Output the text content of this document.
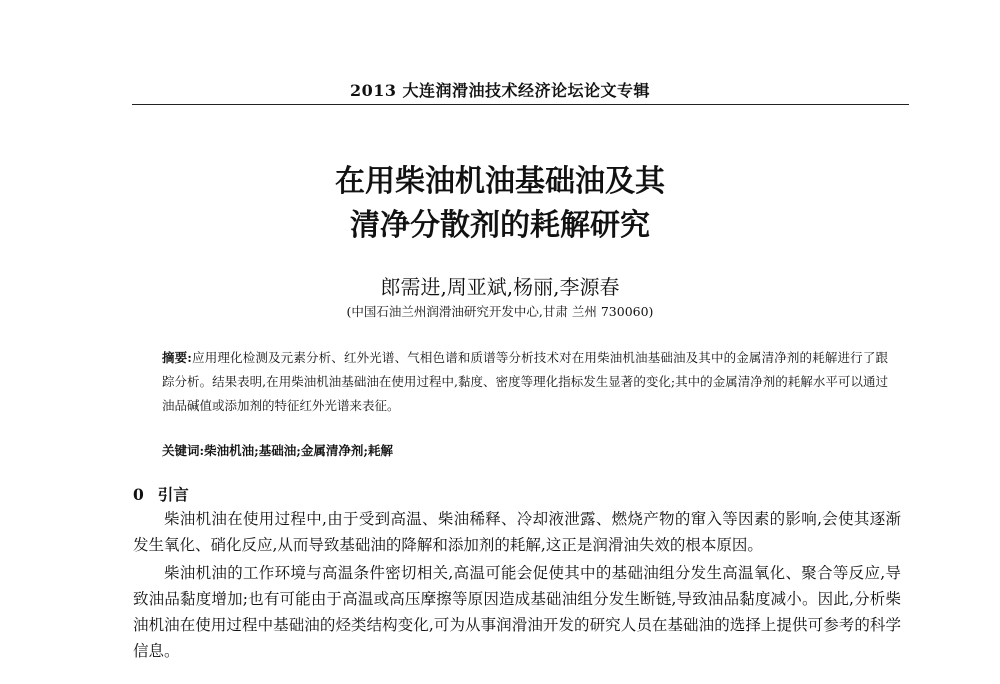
2013 大连润滑油技术经济论坛论文专辑
在用柴油机油基础油及其
清净分散剂的耗解研究
郎需进,周亚斌,杨丽,李源春
(中国石油兰州润滑油研究开发中心,甘肃 兰州 730060)
摘要:应用理化检测及元素分析、红外光谱、气相色谱和质谱等分析技术对在用柴油机油基础油及其中的金属清净剂的耗解进行了跟踪分析。结果表明,在用柴油机油基础油在使用过程中,黏度、密度等理化指标发生显著的变化;其中的金属清净剂的耗解水平可以通过油品碱值或添加剂的特征红外光谱来表征。
关键词:柴油机油;基础油;金属清净剂;耗解
0 引言

柴油机油在使用过程中,由于受到高温、柴油稀释、冷却液泄露、燃烧产物的窜入等因素的影响,会使其逐渐发生氧化、硝化反应,从而导致基础油的降解和添加剂的耗解,这正是润滑油失效的根本原因。

柴油机油的工作环境与高温条件密切相关,高温可能会促使其中的基础油组分发生高温氧化、聚合等反应,导致油品黏度增加;也有可能由于高温或高压摩擦等原因造成基础油组分发生断链,导致油品黏度减小。因此,分析柴油机油在使用过程中基础油的烃类结构变化,可为从事润滑油开发的研究人员在基础油的选择上提供可参考的科学信息。
